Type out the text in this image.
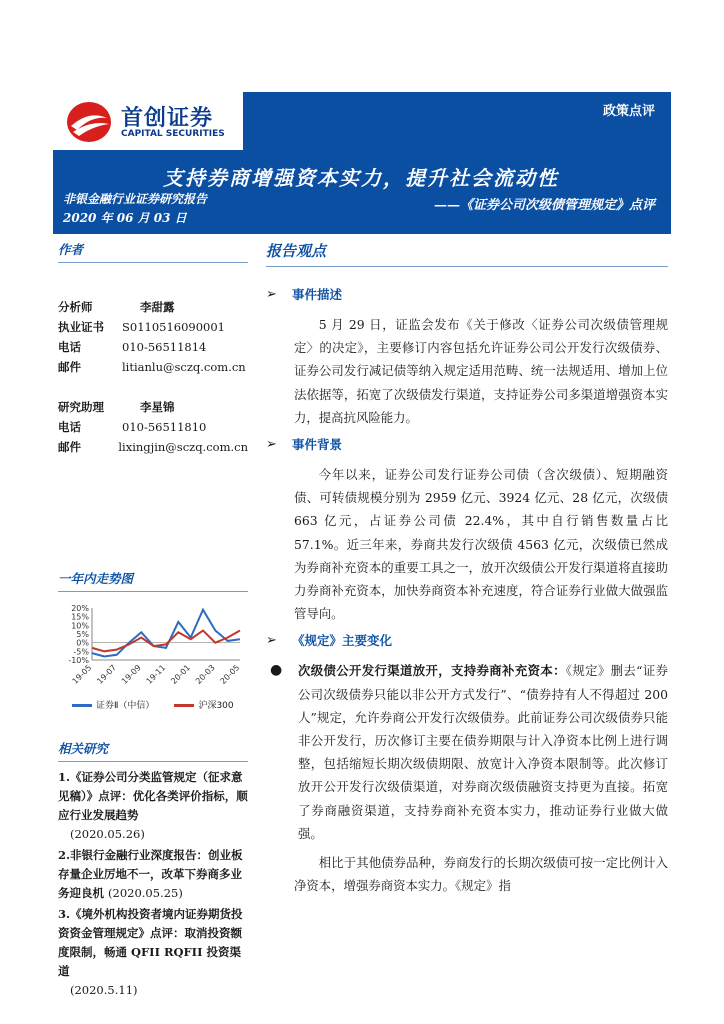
首创证券
CAPITAL SECURITIES
政策点评
支持券商增强资本实力，提升社会流动性
非银金融行业证券研究报告
2020 年 06 月 03 日
——《证券公司次级债管理规定》点评
作者
分析师	李甜露
执业证书	S0110516090001
电话	010-56511814
邮件	litianlu@sczq.com.cn
研究助理	李星锦
电话	010-56511810
邮件	lixingjin@sczq.com.cn
一年内走势图
20%
15%
10%
5%
0%
-5%
-10%
19-05 19-07 19-09 19-11 20-01 20-03 20-05
证券Ⅱ（中信）	沪深300
相关研究
1.《证券公司分类监管规定（征求意见稿）》点评：优化各类评价指标，顺应行业发展趋势
(2020.05.26)
2.非银行金融行业深度报告：创业板存量企业厉地不一，改革下券商多业务迎良机 (2020.05.25)
3.《境外机构投资者境内证券期货投资资金管理规定》点评：取消投资额度限制，畅通 QFII RQFII 投资渠道
(2020.5.11)
报告观点
➢	事件描述

5 月 29 日，证监会发布《关于修改〈证券公司次级债管理规定〉的决定》，主要修订内容包括允许证券公司公开发行次级债券、证券公司发行减记债等纳入规定适用范畴、统一法规适用、增加上位法依据等，拓宽了次级债发行渠道，支持证券公司多渠道增强资本实力，提高抗风险能力。

➢	事件背景

今年以来，证券公司发行证券公司债（含次级债）、短期融资债、可转债规模分别为 2959 亿元、3924 亿元、28 亿元，次级债 663 亿元，占证券公司债 22.4%，其中自行销售数量占比 57.1%。近三年来，券商共发行次级债 4563 亿元，次级债已然成为券商补充资本的重要工具之一，放开次级债公开发行渠道将直接助力券商补充资本，加快券商资本补充速度，符合证券行业做大做强监管导向。

➢	《规定》主要变化
●	次级债公开发行渠道放开，支持券商补充资本：《规定》删去“证券公司次级债券只能以非公开方式发行”、“债券持有人不得超过 200 人”规定，允许券商公开发行次级债券。此前证券公司次级债券只能非公开发行，历次修订主要在债券期限与计入净资本比例上进行调整，包括缩短长期次级债期限、放宽计入净资本限制等。此次修订放开公开发行次级债渠道，对券商次级债融资支持更为直接。拓宽了券商融资渠道，支持券商补充资本实力，推动证券行业做大做强。

相比于其他债券品种，券商发行的长期次级债可按一定比例计入净资本，增强券商资本实力。《规定》指
